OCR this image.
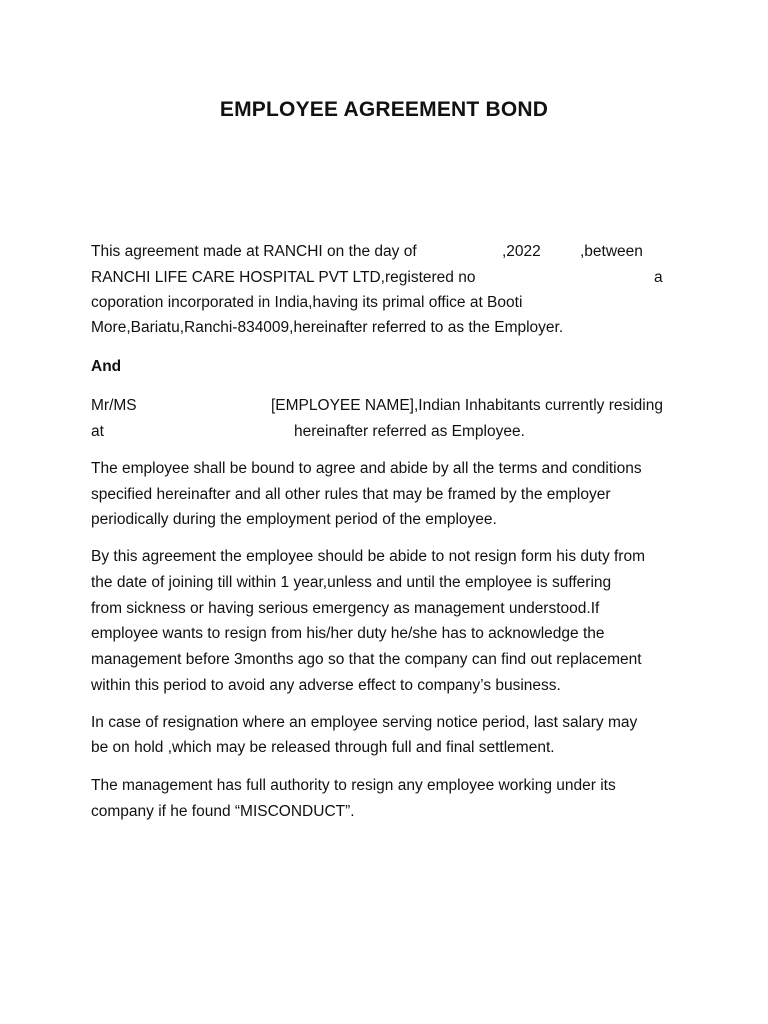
EMPLOYEE AGREEMENT BOND
This agreement made at RANCHI on the day of	,2022	,between
RANCHI LIFE CARE HOSPITAL PVT LTD,registered no	a
coporation incorporated in India,having its primal office at Booti
More,Bariatu,Ranchi-834009,hereinafter referred to as the Employer.
And
Mr/MS	[EMPLOYEE NAME],Indian Inhabitants currently residing
at	hereinafter referred as Employee.
The employee shall be bound to agree and abide by all the terms and conditions
specified hereinafter and all other rules that may be framed by the employer
periodically during the employment period of the employee.
By this agreement the employee should be abide to not resign form his duty from
the date of joining till within 1 year,unless and until the employee is suffering
from sickness or having serious emergency as management understood.If
employee wants to resign from his/her duty he/she has to acknowledge the
management before 3months ago so that the company can find out replacement
within this period to avoid any adverse effect to company’s business.
In case of resignation where an employee serving notice period, last salary may
be on hold ,which may be released through full and final settlement.
The management has full authority to resign any employee working under its
company if he found “MISCONDUCT”.
